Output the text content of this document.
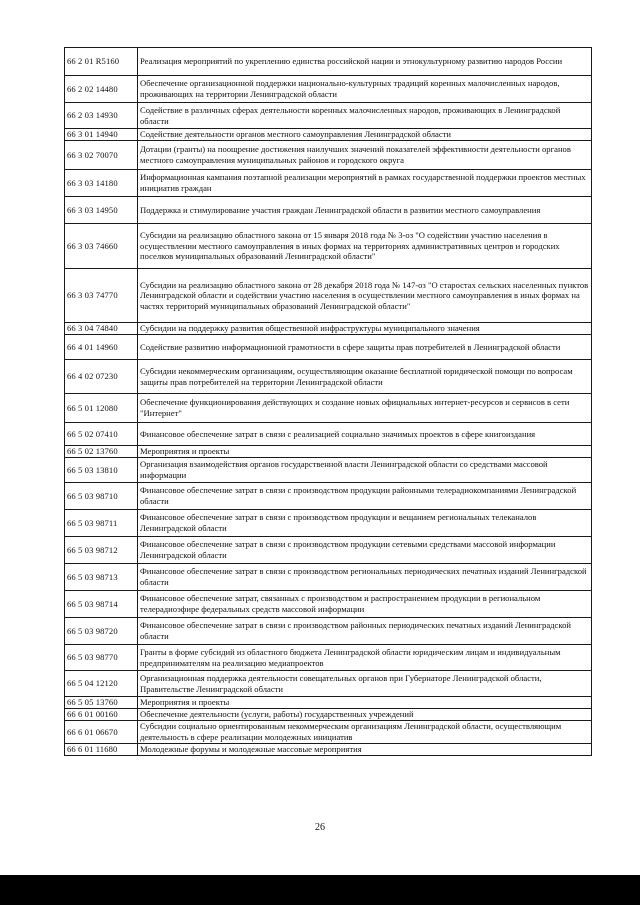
66 2 01 R5160	Реализация мероприятий по укреплению единства российской нации и этнокультурному развитию народов России
66 2 02 14480	Обеспечение организационной поддержки национально-культурных традиций коренных малочисленных народов, проживающих на территории Ленинградской области
66 2 03 14930	Содействие в различных сферах деятельности коренных малочисленных народов, проживающих в Ленинградской области
66 3 01 14940	Содействие деятельности органов местного самоуправления Ленинградской области
66 3 02 70070	Дотации (гранты) на поощрение достижения наилучших значений показателей эффективности деятельности органов местного самоуправления муниципальных районов и городского округа
66 3 03 14180	Информационная кампания поэтапной реализации мероприятий в рамках государственной поддержки проектов местных инициатив граждан
66 3 03 14950	Поддержка и стимулирование участия граждан Ленинградской области в развитии местного самоуправления
66 3 03 74660	Субсидии на реализацию областного закона от 15 января 2018 года № 3-оз "О содействии участию населения в осуществлении местного самоуправления в иных формах на территориях административных центров и городских поселков муниципальных образований Ленинградской области"
66 3 03 74770	Субсидии на реализацию областного закона от 28 декабря 2018 года № 147-оз "О старостах сельских населенных пунктов Ленинградской области и содействии участию населения в осуществлении местного самоуправления в иных формах на частях территорий муниципальных образований Ленинградской области"
66 3 04 74840	Субсидии на поддержку развития общественной инфраструктуры муниципального значения
66 4 01 14960	Содействие развитию информационной грамотности в сфере защиты прав потребителей в Ленинградской области
66 4 02 07230	Субсидии некоммерческим организациям, осуществляющим оказание бесплатной юридической помощи по вопросам защиты прав потребителей на территории Ленинградской области
66 5 01 12080	Обеспечение функционирования действующих и создание новых официальных интернет-ресурсов и сервисов в сети "Интернет"
66 5 02 07410	Финансовое обеспечение затрат в связи с реализацией социально значимых проектов в сфере книгоиздания
66 5 02 13760	Мероприятия и проекты
66 5 03 13810	Организация взаимодействия органов государственной власти Ленинградской области со средствами массовой информации
66 5 03 98710	Финансовое обеспечение затрат в связи с производством продукции районными телерадиокомпаниями Ленинградской области
66 5 03 98711	Финансовое обеспечение затрат в связи с производством продукции и вещанием региональных телеканалов Ленинградской области
66 5 03 98712	Финансовое обеспечение затрат в связи с производством продукции сетевыми средствами массовой информации Ленинградской области
66 5 03 98713	Финансовое обеспечение затрат в связи с производством региональных периодических печатных изданий Ленинградской области
66 5 03 98714	Финансовое обеспечение затрат, связанных с производством и распространением продукции в региональном телерадиоэфире федеральных средств массовой информации
66 5 03 98720	Финансовое обеспечение затрат в связи с производством районных периодических печатных изданий Ленинградской области
66 5 03 98770	Гранты в форме субсидий из областного бюджета Ленинградской области юридическим лицам и индивидуальным предпринимателям на реализацию медиапроектов
66 5 04 12120	Организационная поддержка деятельности совещательных органов при Губернаторе Ленинградской области, Правительстве Ленинградской области
66 5 05 13760	Мероприятия и проекты
66 6 01 00160	Обеспечение деятельности (услуги, работы) государственных учреждений
66 6 01 06670	Субсидии социально ориентированным некоммерческим организациям Ленинградской области, осуществляющим деятельность в сфере реализации молодежных инициатив
66 6 01 11680	Молодежные форумы и молодежные массовые мероприятия
26
